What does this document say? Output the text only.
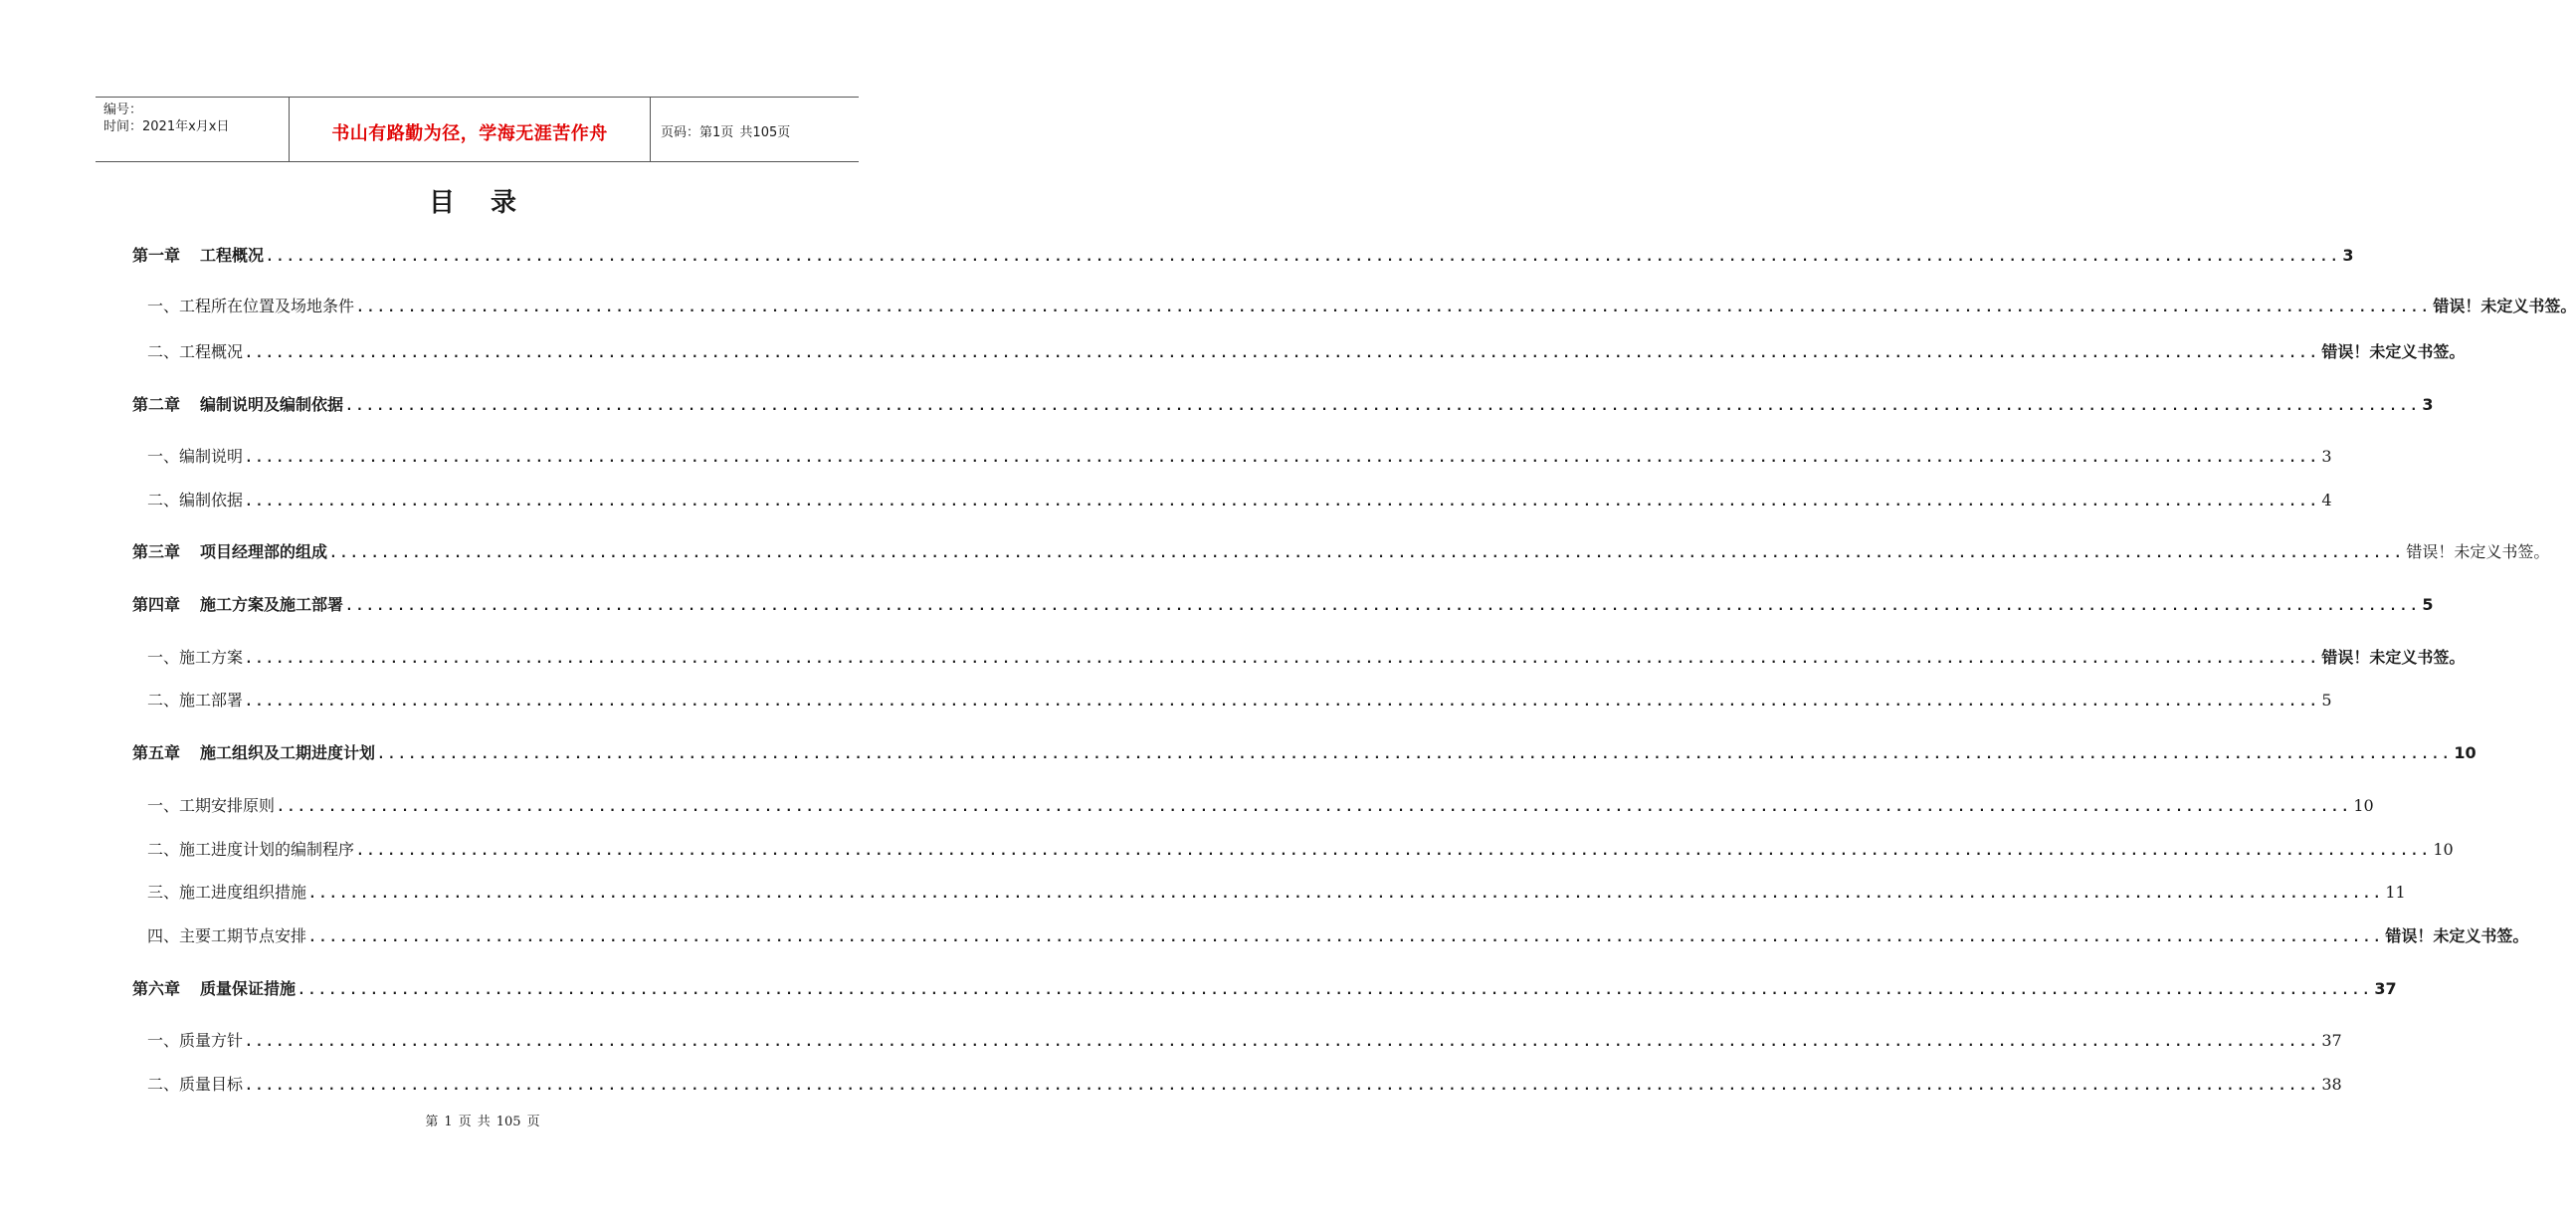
编号：
时间：2021年x月x日	书山有路勤为径，学海无涯苦作舟	页码：第1页 共105页
目录
第一章 工程概况 ........................................................................................................................................................................................................ 3
一、工程所在位置及场地条件 ........................................................................................................................................................................................................ 错误！未定义书签。
二、工程概况 ........................................................................................................................................................................................................ 错误！未定义书签。
第二章 编制说明及编制依据 ........................................................................................................................................................................................................ 3
一、编制说明 ........................................................................................................................................................................................................ 3
二、编制依据 ........................................................................................................................................................................................................ 4
第三章 项目经理部的组成 ........................................................................................................................................................................................................ 错误！未定义书签。
第四章 施工方案及施工部署 ........................................................................................................................................................................................................ 5
一、施工方案 ........................................................................................................................................................................................................ 错误！未定义书签。
二、施工部署 ........................................................................................................................................................................................................ 5
第五章 施工组织及工期进度计划 ........................................................................................................................................................................................................ 10
一、工期安排原则 ........................................................................................................................................................................................................ 10
二、施工进度计划的编制程序 ........................................................................................................................................................................................................ 10
三、施工进度组织措施 ........................................................................................................................................................................................................ 11
四、主要工期节点安排 ........................................................................................................................................................................................................ 错误！未定义书签。
第六章 质量保证措施 ........................................................................................................................................................................................................ 37
一、质量方针 ........................................................................................................................................................................................................ 37
二、质量目标 ........................................................................................................................................................................................................ 38
第 1 页 共 105 页
